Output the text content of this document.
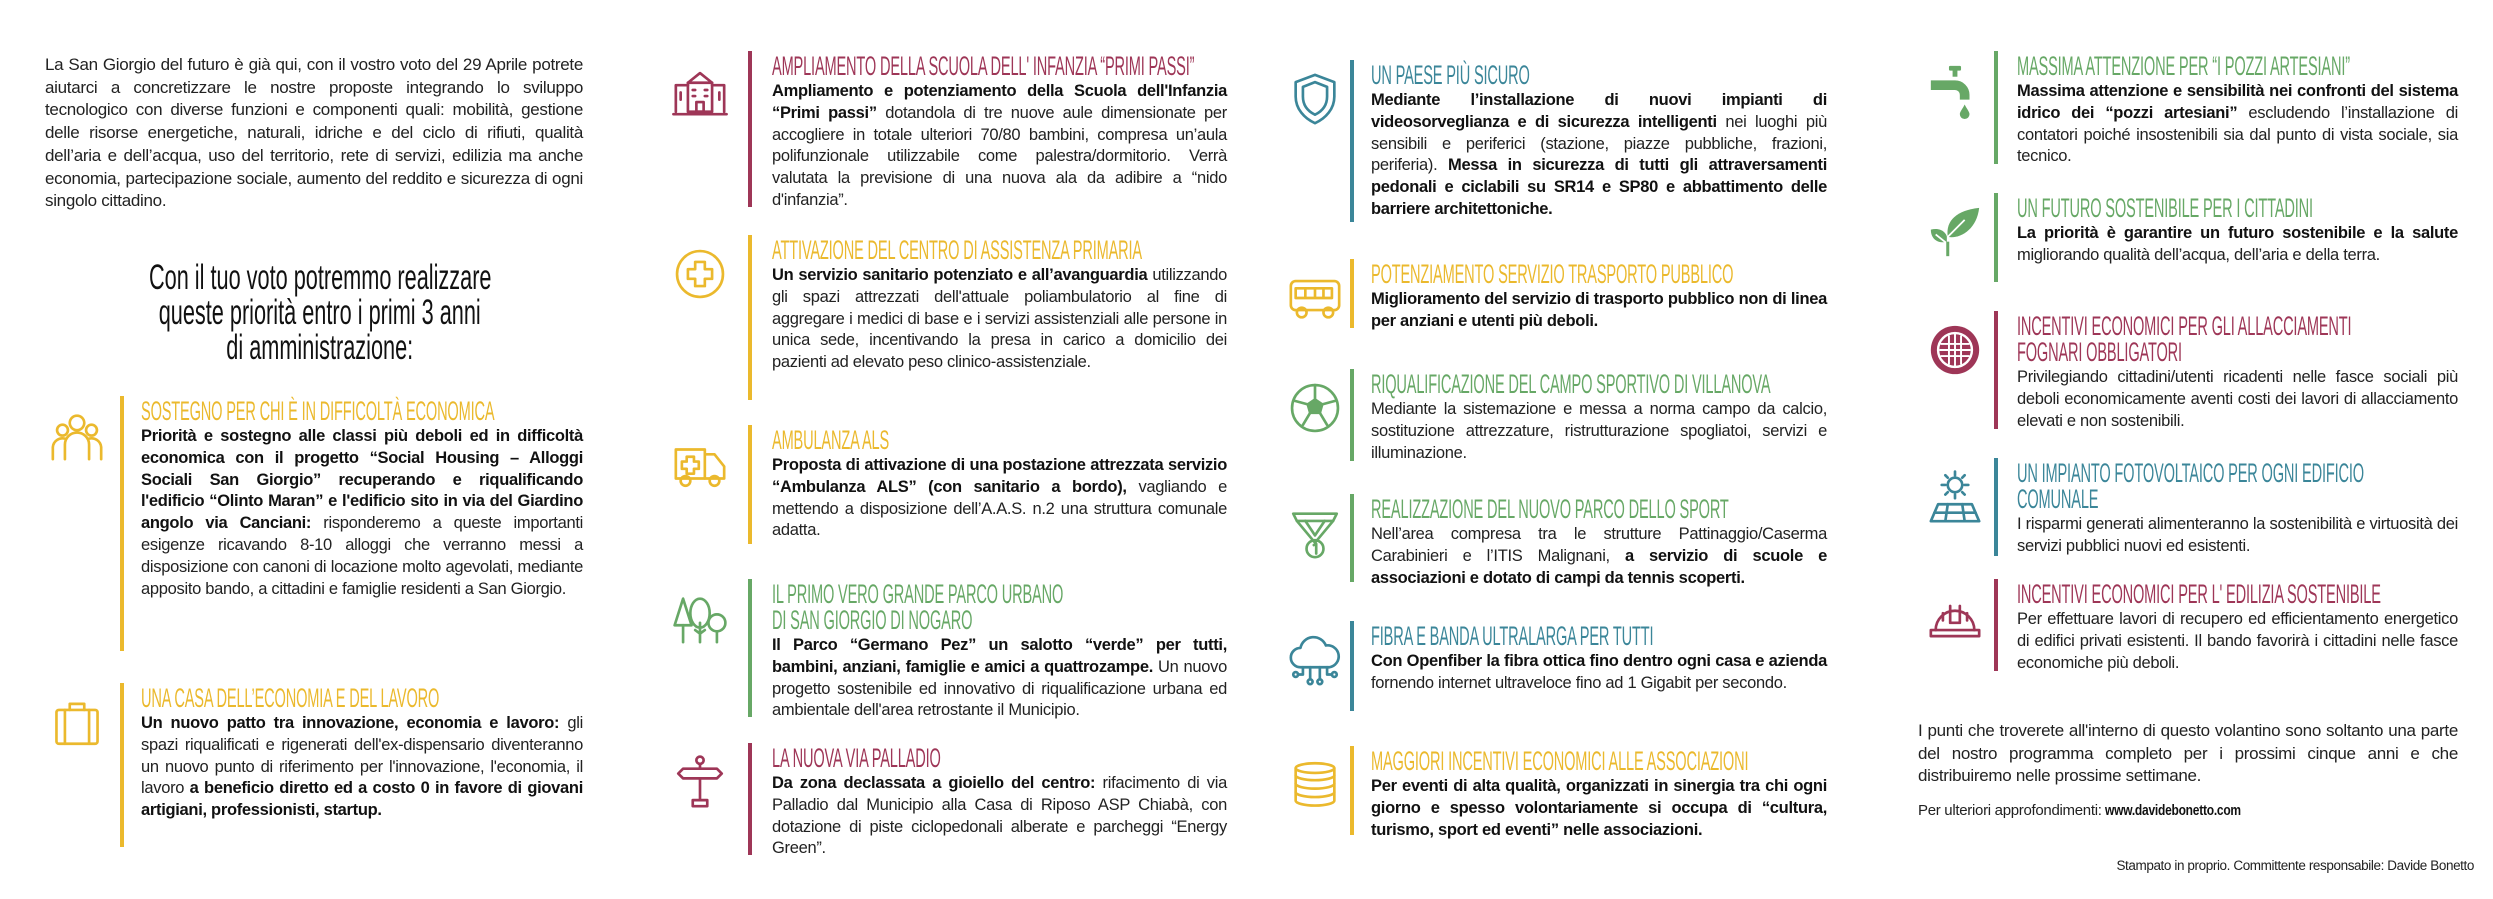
La San Giorgio del futuro è già qui, con il vostro voto del 29 Aprile potrete aiutarci a concretizzare le nostre proposte integrando lo sviluppo tecnologico con diverse funzioni e componenti quali: mobilità, gestione delle risorse energetiche, naturali, idriche e del ciclo di rifiuti, qualità dell’aria e dell’acqua, uso del territorio, rete di servizi, edilizia ma anche economia, partecipazione sociale, aumento del reddito e sicurezza di ogni singolo cittadino.
Con il tuo voto potremmo realizzare
queste priorità entro i primi 3 anni
di amministrazione:
SOSTEGNO PER CHI È IN DIFFICOLTÀ ECONOMICA
Priorità e sostegno alle classi più deboli ed in difficoltà economica con il progetto “Social Housing – Alloggi Sociali San Giorgio” recuperando e riqualificando l'edificio “Olinto Maran” e l'edificio sito in via del Giardino angolo via Canciani: risponderemo a queste importanti esigenze ricavando 8-10 alloggi che verranno messi a disposizione con canoni di locazione molto agevolati, mediante apposito bando, a cittadini e famiglie residenti a San Giorgio.
UNA CASA DELL’ECONOMIA E DEL LAVORO
Un nuovo patto tra innovazione, economia e lavoro: gli spazi riqualificati e rigenerati dell'ex-dispensario diventeranno un nuovo punto di riferimento per l'innovazione, l'economia, il lavoro a beneficio diretto ed a costo 0 in favore di giovani artigiani, professionisti, startup.
AMPLIAMENTO DELLA SCUOLA DELL' INFANZIA “PRIMI PASSI”
Ampliamento e potenziamento della Scuola dell'Infanzia “Primi passi” dotandola di tre nuove aule dimensionate per accogliere in totale ulteriori 70/80 bambini, compresa un’aula polifunzionale utilizzabile come palestra/dormitorio. Verrà valutata la previsione di una nuova ala da adibire a “nido d'infanzia”.
ATTIVAZIONE DEL CENTRO DI ASSISTENZA PRIMARIA
Un servizio sanitario potenziato e all’avanguardia utilizzando gli spazi attrezzati dell'attuale poliambulatorio al fine di aggregare i medici di base e i servizi assistenziali alle persone in unica sede, incentivando la presa in carico a domicilio dei pazienti ad elevato peso clinico-assistenziale.
AMBULANZA ALS
Proposta di attivazione di una postazione attrezzata servizio “Ambulanza ALS” (con sanitario a bordo), vagliando e mettendo a disposizione dell’A.A.S. n.2 una struttura comunale adatta.
IL PRIMO VERO GRANDE PARCO URBANO
DI SAN GIORGIO DI NOGARO
Il Parco “Germano Pez” un salotto “verde” per tutti, bambini, anziani, famiglie e amici a quattrozampe. Un nuovo progetto sostenibile ed innovativo di riqualificazione urbana ed ambientale dell'area retrostante il Municipio.
LA NUOVA VIA PALLADIO
Da zona declassata a gioiello del centro: rifacimento di via Palladio dal Municipio alla Casa di Riposo ASP Chiabà, con dotazione di piste ciclopedonali alberate e parcheggi “Energy Green”.
UN PAESE PIÙ SICURO
Mediante l’installazione di nuovi impianti di videosorveglianza e di sicurezza intelligenti nei luoghi più sensibili e periferici (stazione, piazze pubbliche, frazioni, periferia). Messa in sicurezza di tutti gli attraversamenti pedonali e ciclabili su SR14 e SP80 e abbattimento delle barriere architettoniche.
POTENZIAMENTO SERVIZIO TRASPORTO PUBBLICO
Miglioramento del servizio di trasporto pubblico non di linea per anziani e utenti più deboli.
RIQUALIFICAZIONE DEL CAMPO SPORTIVO DI VILLANOVA
Mediante la sistemazione e messa a norma campo da calcio, sostituzione attrezzature, ristrutturazione spogliatoi, servizi e illuminazione.
REALIZZAZIONE DEL NUOVO PARCO DELLO SPORT
Nell’area compresa tra le strutture Pattinaggio/Caserma Carabinieri e l’ITIS Malignani, a servizio di scuole e associazioni e dotato di campi da tennis scoperti.
FIBRA E BANDA ULTRALARGA PER TUTTI
Con Openfiber la fibra ottica fino dentro ogni casa e azienda fornendo internet ultraveloce fino ad 1 Gigabit per secondo.
MAGGIORI INCENTIVI ECONOMICI ALLE ASSOCIAZIONI
Per eventi di alta qualità, organizzati in sinergia tra chi ogni giorno e spesso volontariamente si occupa di “cultura, turismo, sport ed eventi” nelle associazioni.
MASSIMA ATTENZIONE PER “I POZZI ARTESIANI”
Massima attenzione e sensibilità nei confronti del sistema idrico dei “pozzi artesiani” escludendo l’installazione di contatori poiché insostenibili sia dal punto di vista sociale, sia tecnico.
UN FUTURO SOSTENIBILE PER I CITTADINI
La priorità è garantire un futuro sostenibile e la salute migliorando qualità dell’acqua, dell’aria e della terra.
INCENTIVI ECONOMICI PER GLI ALLACCIAMENTI
FOGNARI OBBLIGATORI
Privilegiando cittadini/utenti ricadenti nelle fasce sociali più deboli economicamente aventi costi dei lavori di allacciamento elevati e non sostenibili.
UN IMPIANTO FOTOVOLTAICO PER OGNI EDIFICIO
COMUNALE
I risparmi generati alimenteranno la sostenibilità e virtuosità dei servizi pubblici nuovi ed esistenti.
INCENTIVI ECONOMICI PER L' EDILIZIA SOSTENIBILE
Per effettuare lavori di recupero ed efficientamento energetico di edifici privati esistenti. Il bando favorirà i cittadini nelle fasce economiche più deboli.
I punti che troverete all'interno di questo volantino sono soltanto una parte del nostro programma completo per i prossimi cinque anni e che distribuiremo nelle prossime settimane.
Per ulteriori approfondimenti: www.davidebonetto.com
Stampato in proprio. Committente responsabile: Davide Bonetto
